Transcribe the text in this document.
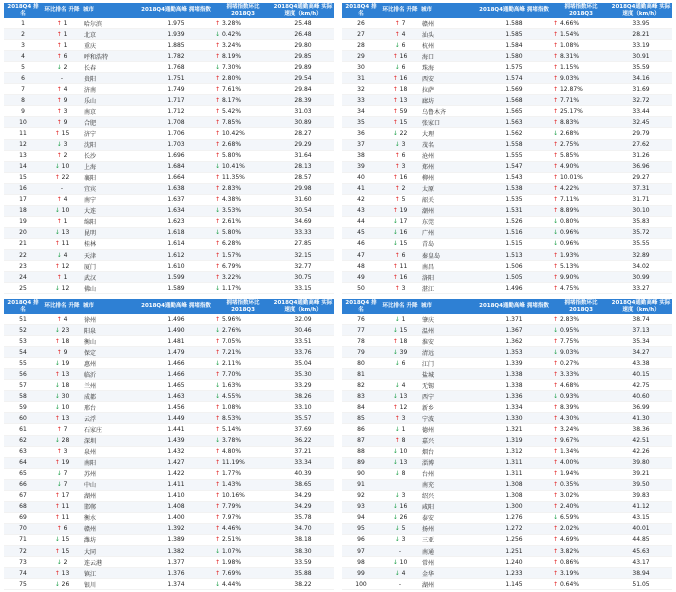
2018Q4 排名	环比排名 升降	城市	2018Q4通勤高峰 拥堵指数	拥堵指数环比 2018Q3	2018Q4通勤高峰 实际速度（km/h）
1	↑ 1	哈尔滨	1.975	↑ 3.28%	25.48
2	↑ 1	北京	1.939	↓ 0.42%	26.48
3	↑ 1	重庆	1.885	↑ 3.24%	29.80
4	↑ 6	呼和浩特	1.782	↑ 8.19%	29.85
5	↓ 2	长春	1.768	↓ 7.30%	29.89
6	-	贵阳	1.751	↑ 2.80%	29.54
7	↑ 4	济南	1.749	↑ 7.61%	29.84
8	↑ 9	乐山	1.717	↑ 8.17%	28.39
9	↑ 3	南京	1.712	↑ 5.42%	31.03
10	↑ 9	合肥	1.708	↑ 7.85%	30.89
11	↑ 15	济宁	1.706	↑ 10.42%	28.27
12	↓ 3	沈阳	1.703	↑ 2.68%	29.29
13	↑ 2	长沙	1.696	↑ 5.80%	31.64
14	↓ 10	上海	1.684	↓ 10.41%	28.13
15	↑ 22	襄阳	1.664	↑ 11.35%	28.57
16	-	宜宾	1.638	↑ 2.83%	29.98
17	↑ 4	南宁	1.637	↑ 4.38%	31.60
18	↓ 10	大连	1.634	↓ 3.53%	30.54
19	↑ 1	绵阳	1.623	↑ 2.61%	34.69
20	↓ 13	昆明	1.618	↓ 5.80%	33.33
21	↑ 11	桂林	1.614	↑ 6.28%	27.85
22	↓ 4	天津	1.612	↑ 1.57%	32.15
23	↑ 12	厦门	1.610	↑ 6.79%	32.77
24	↑ 1	武汉	1.599	↑ 3.22%	30.75
25	↓ 12	佛山	1.589	↓ 1.17%	33.15
2018Q4 排名	环比排名 升降	城市	2018Q4通勤高峰 拥堵指数	拥堵指数环比 2018Q3	2018Q4通勤高峰 实际速度（km/h）
26	↑ 7	赣州	1.588	↑ 4.66%	33.95
27	↑ 4	汕头	1.585	↑ 1.54%	28.21
28	↓ 6	杭州	1.584	↑ 1.08%	33.19
29	↑ 16	海口	1.580	↑ 8.31%	30.91
30	↓ 6	珠海	1.575	↑ 1.15%	35.59
31	↑ 16	西安	1.574	↑ 9.03%	34.16
32	↑ 18	拉萨	1.569	↑ 12.87%	31.69
33	↑ 13	廊坊	1.568	↑ 7.71%	32.72
34	↑ 59	乌鲁木齐	1.565	↑ 25.17%	33.44
35	↑ 15	张家口	1.563	↑ 8.83%	32.45
36	↓ 22	大理	1.562	↓ 2.68%	29.79
37	↓ 3	茂名	1.558	↑ 2.75%	27.62
38	↑ 6	沧州	1.555	↑ 5.85%	31.26
39	↑ 3	郑州	1.547	↑ 4.90%	36.96
40	↑ 16	柳州	1.543	↑ 10.01%	29.27
41	↑ 2	太原	1.538	↑ 4.22%	37.31
42	↑ 5	韶关	1.535	↑ 7.11%	31.71
43	↑ 19	潮州	1.531	↑ 8.89%	30.10
44	↓ 17	东莞	1.526	↓ 0.80%	35.83
45	↓ 16	广州	1.516	↓ 0.96%	35.72
46	↓ 15	青岛	1.515	↓ 0.96%	35.55
47	↑ 6	秦皇岛	1.513	↑ 1.93%	32.89
48	↑ 11	南昌	1.506	↑ 5.13%	34.02
49	↑ 16	洛阳	1.505	↑ 9.90%	30.99
50	↑ 3	湛江	1.496	↑ 4.75%	33.27
2018Q4 排名	环比排名 升降	城市	2018Q4通勤高峰 拥堵指数	拥堵指数环比 2018Q3	2018Q4通勤高峰 实际速度（km/h）
51	↑ 4	徐州	1.496	↑ 5.96%	32.09
52	↓ 23	阳泉	1.490	↓ 2.76%	30.46
53	↑ 18	衡山	1.481	↑ 7.05%	33.51
54	↑ 9	保定	1.479	↑ 7.21%	33.76
55	↓ 19	惠州	1.466	↓ 2.11%	35.04
56	↑ 13	临沂	1.466	↑ 7.70%	35.30
57	↓ 18	兰州	1.465	↓ 1.63%	33.29
58	↓ 30	成都	1.463	↓ 4.55%	38.26
59	↓ 10	邢台	1.456	↑ 1.08%	33.10
60	↑ 13	云浮	1.449	↑ 8.53%	35.57
61	↑ 7	石家庄	1.441	↑ 5.14%	37.69
62	↓ 28	深圳	1.439	↓ 3.78%	36.22
63	↑ 3	泉州	1.432	↑ 4.80%	37.21
64	↑ 19	南阳	1.427	↑ 11.19%	33.34
65	↓ 7	苏州	1.422	↑ 1.77%	40.39
66	↓ 7	中山	1.411	↑ 1.43%	38.65
67	↑ 17	湖州	1.410	↑ 10.16%	34.29
68	↑ 11	邯郸	1.408	↑ 7.79%	34.29
69	↑ 11	衡水	1.400	↑ 7.97%	35.78
70	↑ 6	赣州	1.392	↑ 4.46%	34.70
71	↓ 15	潍坊	1.389	↑ 2.51%	38.18
72	↑ 15	大同	1.382	↓ 1.07%	38.30
73	↓ 2	连云港	1.377	↑ 1.98%	33.59
74	↑ 13	镇江	1.376	↑ 7.69%	35.88
75	↓ 26	银川	1.374	↓ 4.44%	38.22
2018Q4 排名	环比排名 升降	城市	2018Q4通勤高峰 拥堵指数	拥堵指数环比 2018Q3	2018Q4通勤高峰 实际速度（km/h）
76	↓ 1	肇庆	1.371	↑ 2.83%	38.74
77	↓ 15	温州	1.367	↓ 0.95%	37.13
78	↑ 18	淮安	1.362	↑ 7.75%	35.34
79	↓ 39	清远	1.353	↓ 9.03%	34.27
80	↓ 6	江门	1.339	↑ 0.27%	43.38
81		盐城	1.338	↑ 3.33%	40.15
82	↓ 4	无锡	1.338	↑ 4.68%	42.75
83	↓ 13	西宁	1.336	↓ 0.93%	40.60
84	↑ 12	新乡	1.334	↑ 8.39%	36.99
85	↑ 3	宁波	1.330	↑ 4.30%	41.30
86	↓ 1	德州	1.321	↑ 3.24%	38.36
87	↑ 8	嘉兴	1.319	↑ 9.67%	42.51
88	↓ 10	烟台	1.312	↑ 1.34%	42.26
89	↓ 13	淄博	1.311	↑ 4.00%	39.80
90	↓ 8	台州	1.311	↑ 1.94%	39.21
91		南充	1.308	↑ 0.35%	39.50
92	↓ 3	绍兴	1.308	↑ 3.02%	39.83
93	↓ 16	咸阳	1.300	↑ 2.40%	41.12
94	↓ 26	泰安	1.276	↓ 6.59%	43.15
95	↓ 5	扬州	1.272	↑ 2.02%	40.01
96	↓ 3	三亚	1.256	↑ 4.69%	44.85
97	-	南通	1.251	↑ 3.82%	45.63
98	↓ 10	常州	1.240	↑ 0.86%	43.17
99	↓ 4	金华	1.233	↑ 3.19%	38.94
100	-	湖州	1.145	↑ 0.64%	51.05
